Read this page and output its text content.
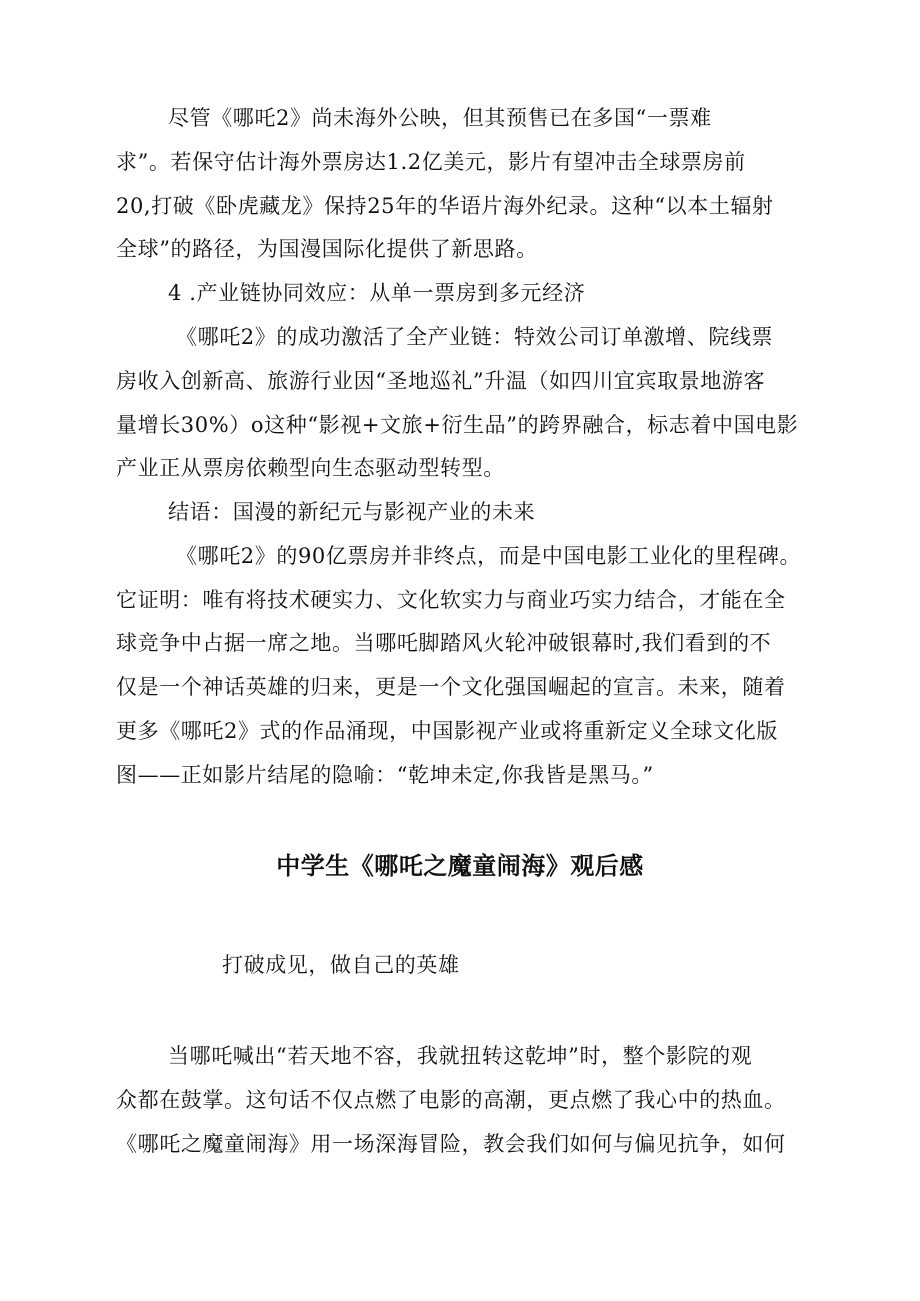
尽管《哪吒2》尚未海外公映，但其预售已在多国“一票难
求”。若保守估计海外票房达1.2亿美元，影片有望冲击全球票房前
20,打破《卧虎藏龙》保持25年的华语片海外纪录。这种“以本土辐射
全球”的路径，为国漫国际化提供了新思路。
4 .产业链协同效应：从单一票房到多元经济
《哪吒2》的成功激活了全产业链：特效公司订单激增、院线票
房收入创新高、旅游行业因“圣地巡礼”升温（如四川宜宾取景地游客
量增长30%）o这种“影视+文旅+衍生品”的跨界融合，标志着中国电影
产业正从票房依赖型向生态驱动型转型。
结语：国漫的新纪元与影视产业的未来
《哪吒2》的90亿票房并非终点，而是中国电影工业化的里程碑。
它证明：唯有将技术硬实力、文化软实力与商业巧实力结合，才能在全
球竞争中占据一席之地。当哪吒脚踏风火轮冲破银幕时,我们看到的不
仅是一个神话英雄的归来，更是一个文化强国崛起的宣言。未来，随着
更多《哪吒2》式的作品涌现，中国影视产业或将重新定义全球文化版
图——正如影片结尾的隐喻：“乾坤未定,你我皆是黑马。”
中学生《哪吒之魔童闹海》观后感
打破成见，做自己的英雄
当哪吒喊出“若天地不容，我就扭转这乾坤”时，整个影院的观
众都在鼓掌。这句话不仅点燃了电影的高潮，更点燃了我心中的热血。
《哪吒之魔童闹海》用一场深海冒险，教会我们如何与偏见抗争，如何
